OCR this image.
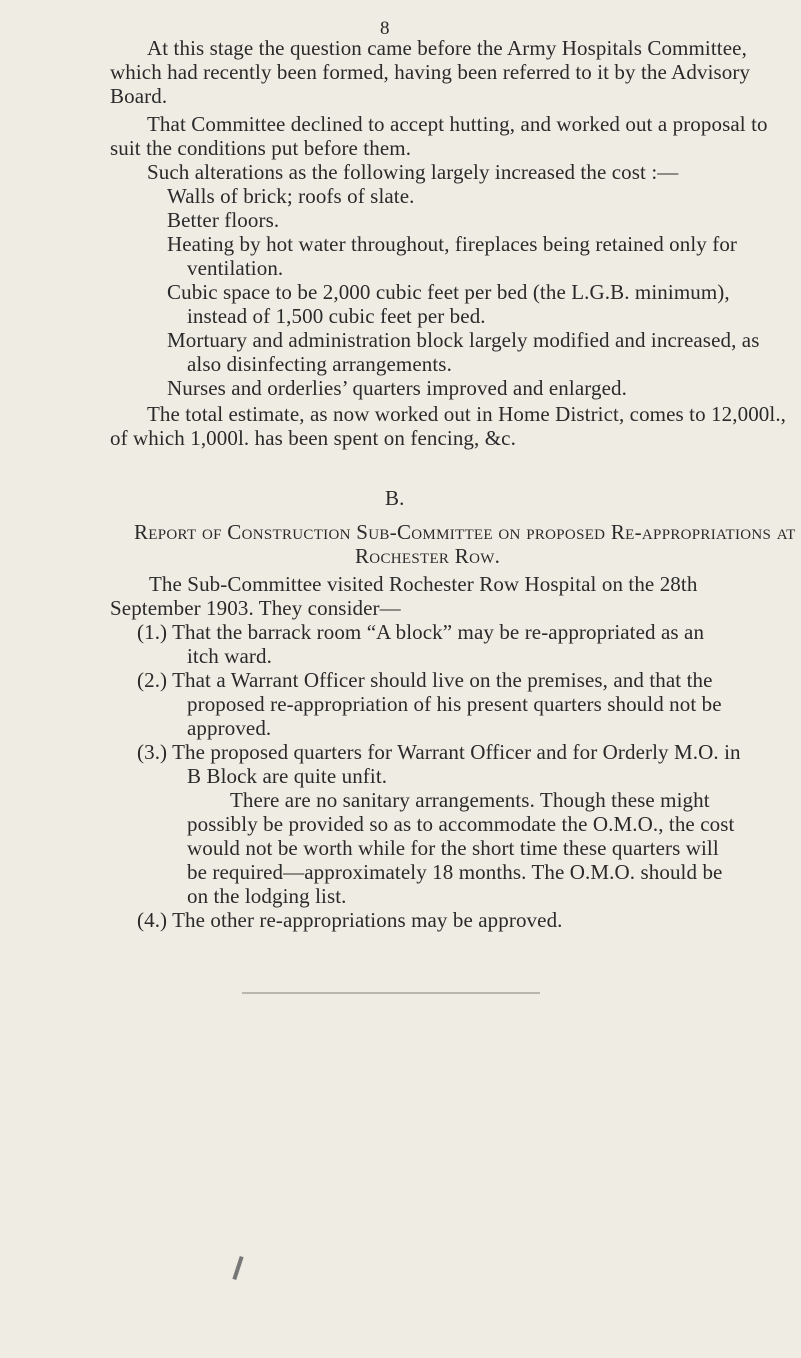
8
At this stage the question came before the Army Hospitals Committee,
which had recently been formed, having been referred to it by the Advisory
Board.
That Committee declined to accept hutting, and worked out a proposal to
suit the conditions put before them.
Such alterations as the following largely increased the cost :—
Walls of brick; roofs of slate.
Better floors.
Heating by hot water throughout, fireplaces being retained only for
ventilation.
Cubic space to be 2,000 cubic feet per bed (the L.G.B. minimum),
instead of 1,500 cubic feet per bed.
Mortuary and administration block largely modified and increased, as
also disinfecting arrangements.
Nurses and orderlies’ quarters improved and enlarged.
The total estimate, as now worked out in Home District, comes to 12,000l.,
of which 1,000l. has been spent on fencing, &c.
B.
Report of Construction Sub-Committee on proposed Re-appropriations at
Rochester Row.
The Sub-Committee visited Rochester Row Hospital on the 28th
September 1903. They consider—
(1.) That the barrack room “A block” may be re-appropriated as an
itch ward.
(2.) That a Warrant Officer should live on the premises, and that the
proposed re-appropriation of his present quarters should not be
approved.
(3.) The proposed quarters for Warrant Officer and for Orderly M.O. in
B Block are quite unfit.
There are no sanitary arrangements. Though these might
possibly be provided so as to accommodate the O.M.O., the cost
would not be worth while for the short time these quarters will
be required—approximately 18 months. The O.M.O. should be
on the lodging list.
(4.) The other re-appropriations may be approved.
